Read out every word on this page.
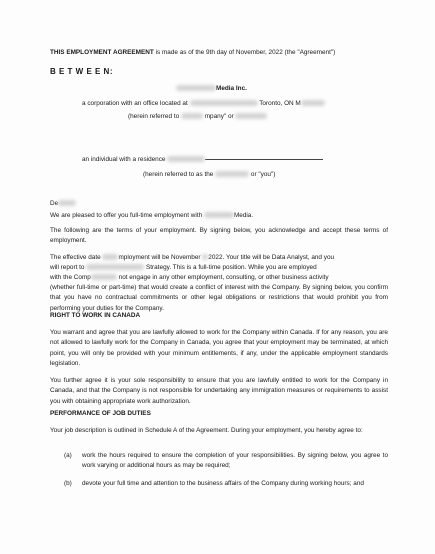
THIS EMPLOYMENT AGREEMENT is made as of the 9th day of November, 2022 (the "Agreement")
B E T W E E N:
Media Inc.
a corporation with an office located at	Toronto, ON M
(herein referred to	mpany" or
an individual with a residence
(herein referred to as the	or "you")
De
We are pleased to offer you full-time employment with	Media.
The following are the terms of your employment. By signing below, you acknowledge and accept these terms of employment.
The effective date	mployment will be November 2022. Your title will be Data Analyst, and you
will report to	Strategy. This is a full-time position. While you are employed
with the Comp	not engage in any other employment, consulting, or other business activity
(whether full-time or part-time) that would create a conflict of interest with the Company. By signing below, you confirm that you have no contractual commitments or other legal obligations or restrictions that would prohibit you from performing your duties for the Company.
RIGHT TO WORK IN CANADA
You warrant and agree that you are lawfully allowed to work for the Company within Canada. If for any reason, you are not allowed to lawfully work for the Company in Canada, you agree that your employment may be terminated, at which point, you will only be provided with your minimum entitlements, if any, under the applicable employment standards legislation.
You further agree it is your sole responsibility to ensure that you are lawfully entitled to work for the Company in Canada, and that the Company is not responsible for undertaking any immigration measures or requirements to assist you with obtaining appropriate work authorization.
PERFORMANCE OF JOB DUTIES
Your job description is outlined in Schedule A of the Agreement. During your employment, you hereby agree to:
(a) work the hours required to ensure the completion of your responsibilities. By signing below, you agree to work varying or additional hours as may be required;
(b) devote your full time and attention to the business affairs of the Company during working hours; and
